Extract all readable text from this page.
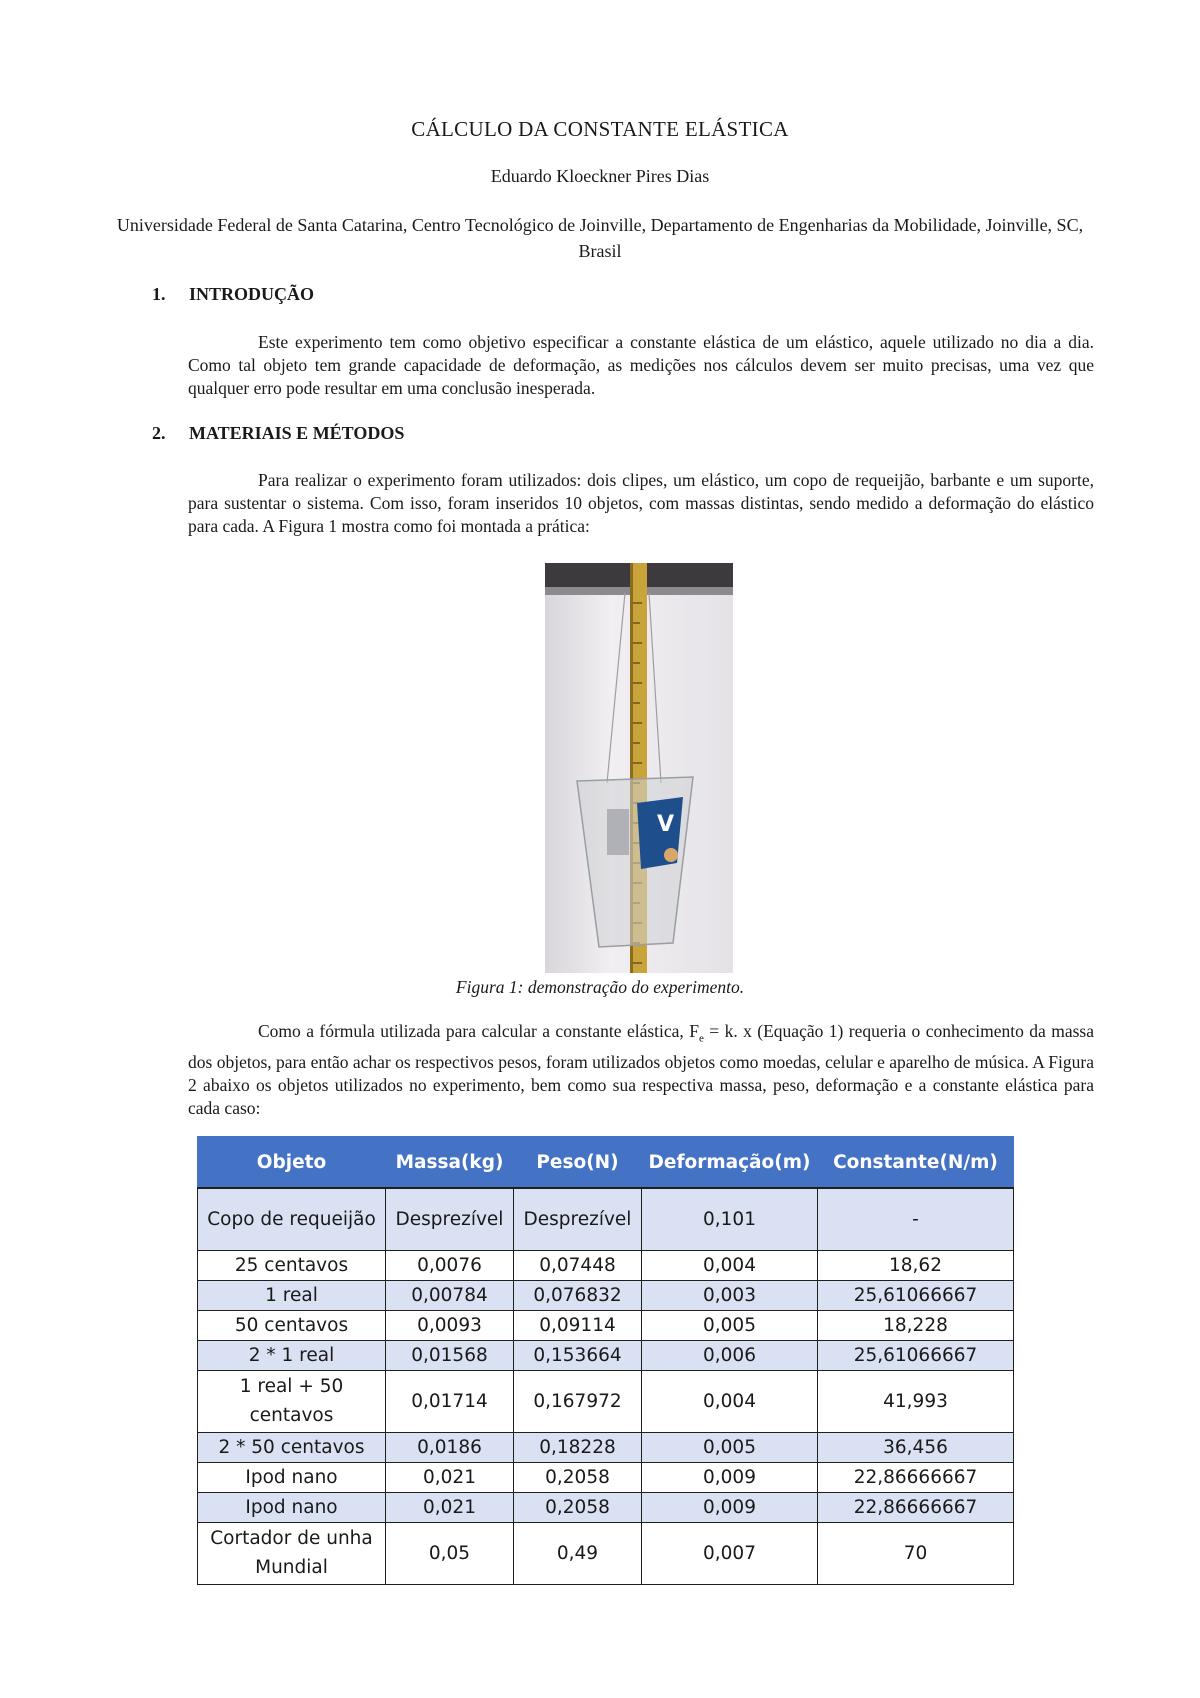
CÁLCULO DA CONSTANTE ELÁSTICA
Eduardo Kloeckner Pires Dias
Universidade Federal de Santa Catarina, Centro Tecnológico de Joinville, Departamento de Engenharias da Mobilidade, Joinville, SC, Brasil
1. INTRODUÇÃO
Este experimento tem como objetivo especificar a constante elástica de um elástico, aquele utilizado no dia a dia. Como tal objeto tem grande capacidade de deformação, as medições nos cálculos devem ser muito precisas, uma vez que qualquer erro pode resultar em uma conclusão inesperada.
2. MATERIAIS E MÉTODOS
Para realizar o experimento foram utilizados: dois clipes, um elástico, um copo de requeijão, barbante e um suporte, para sustentar o sistema. Com isso, foram inseridos 10 objetos, com massas distintas, sendo medido a deformação do elástico para cada. A Figura 1 mostra como foi montada a prática:
V
Figura 1: demonstração do experimento.
Como a fórmula utilizada para calcular a constante elástica, $F_e = k$. x (Equação 1) requeria o conhecimento da massa dos objetos, para então achar os respectivos pesos, foram utilizados objetos como moedas, celular e aparelho de música. A Figura 2 abaixo os objetos utilizados no experimento, bem como sua respectiva massa, peso, deformação e a constante elástica para cada caso:
Objeto	Massa(kg)	Peso(N)	Deformação(m)	Constante(N/m)
Copo de requeijão	Desprezível	Desprezível	0,101	-
25 centavos	0,0076	0,07448	0,004	18,62
1 real	0,00784	0,076832	0,003	25,61066667
50 centavos	0,0093	0,09114	0,005	18,228
2 * 1 real	0,01568	0,153664	0,006	25,61066667
1 real + 50 centavos	0,01714	0,167972	0,004	41,993
2 * 50 centavos	0,0186	0,18228	0,005	36,456
Ipod nano	0,021	0,2058	0,009	22,86666667
Ipod nano	0,021	0,2058	0,009	22,86666667
Cortador de unha Mundial	0,05	0,49	0,007	70
